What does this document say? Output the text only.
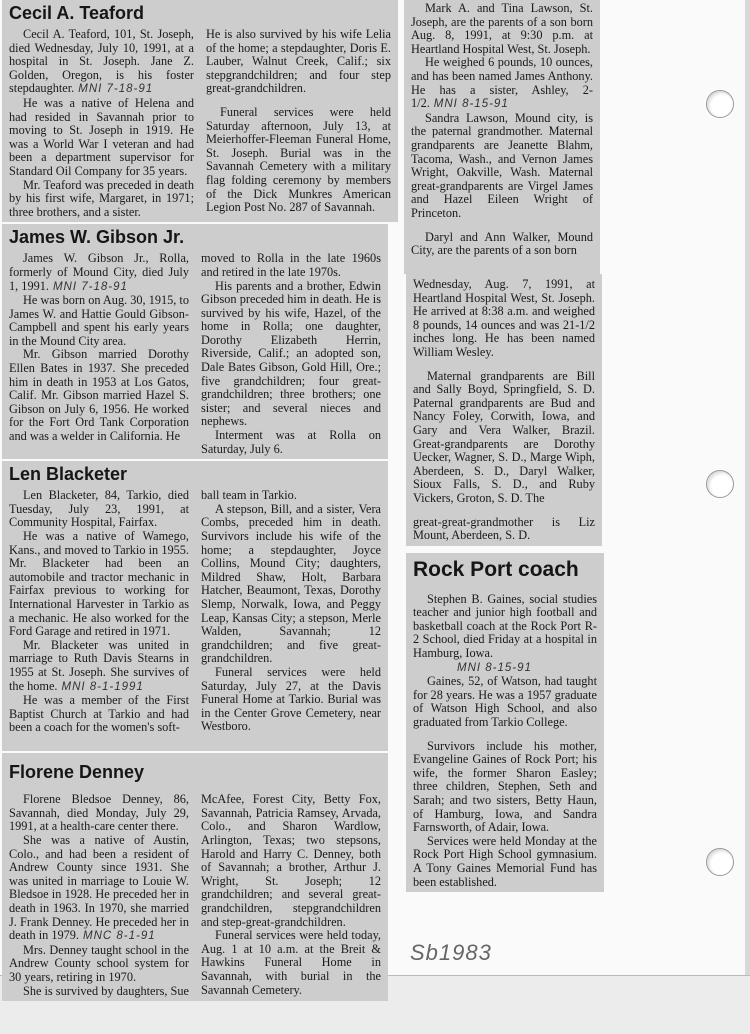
Cecil A. Teaford

Cecil A. Teaford, 101, St. Joseph, died Wednesday, July 10, 1991, at a hospital in St. Joseph. Jane Z. Golden, Oregon, is his foster stepdaughter. MNI 7-18-91

He was a native of Helena and had resided in Savannah prior to moving to St. Joseph in 1919. He was a World War I veteran and had been a department supervisor for Standard Oil Company for 35 years.

Mr. Teaford was preceded in death by his first wife, Margaret, in 1971; three brothers, and a sister.

He is also survived by his wife Lelia of the home; a stepdaughter, Doris E. Lauber, Walnut Creek, Calif.; six stepgrandchildren; and four step great-grandchildren.

Funeral services were held Saturday afternoon, July 13, at Meierhoffer-Fleeman Funeral Home, St. Joseph. Burial was in the Savannah Cemetery with a military flag folding ceremony by members of the Dick Munkres American Legion Post No. 287 of Savannah.

James W. Gibson Jr.

James W. Gibson Jr., Rolla, formerly of Mound City, died July 1, 1991. MNI 7-18-91

He was born on Aug. 30, 1915, to James W. and Hattie Gould Gibson-Campbell and spent his early years in the Mound City area.

Mr. Gibson married Dorothy Ellen Bates in 1937. She preceded him in death in 1953 at Los Gatos, Calif. Mr. Gibson married Hazel S. Gibson on July 6, 1956. He worked for the Fort Ord Tank Corporation and was a welder in California. He

moved to Rolla in the late 1960s and retired in the late 1970s.

His parents and a brother, Edwin Gibson preceded him in death. He is survived by his wife, Hazel, of the home in Rolla; one daughter, Dorothy Elizabeth Herrin, Riverside, Calif.; an adopted son, Dale Bates Gibson, Gold Hill, Ore.; five grandchildren; four great-grandchildren; three brothers; one sister; and several nieces and nephews.

Interment was at Rolla on Saturday, July 6.

Len Blacketer

Len Blacketer, 84, Tarkio, died Tuesday, July 23, 1991, at Community Hospital, Fairfax.

He was a native of Wamego, Kans., and moved to Tarkio in 1955. Mr. Blacketer had been an automobile and tractor mechanic in Fairfax previous to working for International Harvester in Tarkio as a mechanic. He also worked for the Ford Garage and retired in 1971.

Mr. Blacketer was united in marriage to Ruth Davis Stearns in 1955 at St. Joseph. She survives of the home. MNI 8-1-1991

He was a member of the First Baptist Church at Tarkio and had been a coach for the women's soft-

ball team in Tarkio.

A stepson, Bill, and a sister, Vera Combs, preceded him in death. Survivors include his wife of the home; a stepdaughter, Joyce Collins, Mound City; daughters, Mildred Shaw, Holt, Barbara Hatcher, Beaumont, Texas, Dorothy Slemp, Norwalk, Iowa, and Peggy Leap, Kansas City; a stepson, Merle Walden, Savannah; 12 grandchildren; and five great-grandchildren.

Funeral services were held Saturday, July 27, at the Davis Funeral Home at Tarkio. Burial was in the Center Grove Cemetery, near Westboro.

Florene Denney

Florene Bledsoe Denney, 86, Savannah, died Monday, July 29, 1991, at a health-care center there.

She was a native of Austin, Colo., and had been a resident of Andrew County since 1931. She was united in marriage to Louie W. Bledsoe in 1928. He preceded her in death in 1963. In 1970, she married J. Frank Denney. He preceded her in death in 1979. MNC 8-1-91

Mrs. Denney taught school in the Andrew County school system for 30 years, retiring in 1970.

She is survived by daughters, Sue

McAfee, Forest City, Betty Fox, Savannah, Patricia Ramsey, Arvada, Colo., and Sharon Wardlow, Arlington, Texas; two stepsons, Harold and Harry C. Denney, both of Savannah; a brother, Arthur J. Wright, St. Joseph; 12 grandchildren; and several great-grandchildren, stepgrandchildren and step-great-grandchildren.

Funeral services were held today, Aug. 1 at 10 a.m. at the Breit & Hawkins Funeral Home in Savannah, with burial in the Savannah Cemetery.

Mark A. and Tina Lawson, St. Joseph, are the parents of a son born Aug. 8, 1991, at 9:30 p.m. at Heartland Hospital West, St. Joseph.

He weighed 6 pounds, 10 ounces, and has been named James Anthony. He has a sister, Ashley, 2-1/2. MNI 8-15-91

Sandra Lawson, Mound city, is the paternal grandmother. Maternal grandparents are Jeanette Blahm, Tacoma, Wash., and Vernon James Wright, Oakville, Wash. Maternal great-grandparents are Virgel James and Hazel Eileen Wright of Princeton.

Daryl and Ann Walker, Mound City, are the parents of a son born

Wednesday, Aug. 7, 1991, at Heartland Hospital West, St. Joseph. He arrived at 8:38 a.m. and weighed 8 pounds, 14 ounces and was 21-1/2 inches long. He has been named William Wesley.

Maternal grandparents are Bill and Sally Boyd, Springfield, S. D. Paternal grandparents are Bud and Nancy Foley, Corwith, Iowa, and Gary and Vera Walker, Brazil. Great-grandparents are Dorothy Uecker, Wagner, S. D., Marge Wiph, Aberdeen, S. D., Daryl Walker, Sioux Falls, S. D., and Ruby Vickers, Groton, S. D. The

great-great-grandmother is Liz Mount, Aberdeen, S. D.

Rock Port coach

Stephen B. Gaines, social studies teacher and junior high football and basketball coach at the Rock Port R-2 School, died Friday at a hospital in Hamburg, Iowa.

MNI 8-15-91

Gaines, 52, of Watson, had taught for 28 years. He was a 1957 graduate of Watson High School, and also graduated from Tarkio College.

Survivors include his mother, Evangeline Gaines of Rock Port; his wife, the former Sharon Easley; three children, Stephen, Seth and Sarah; and two sisters, Betty Haun, of Hamburg, Iowa, and Sandra Farnsworth, of Adair, Iowa.

Services were held Monday at the Rock Port High School gymnasium. A Tony Gaines Memorial Fund has been established.

Sb1983
